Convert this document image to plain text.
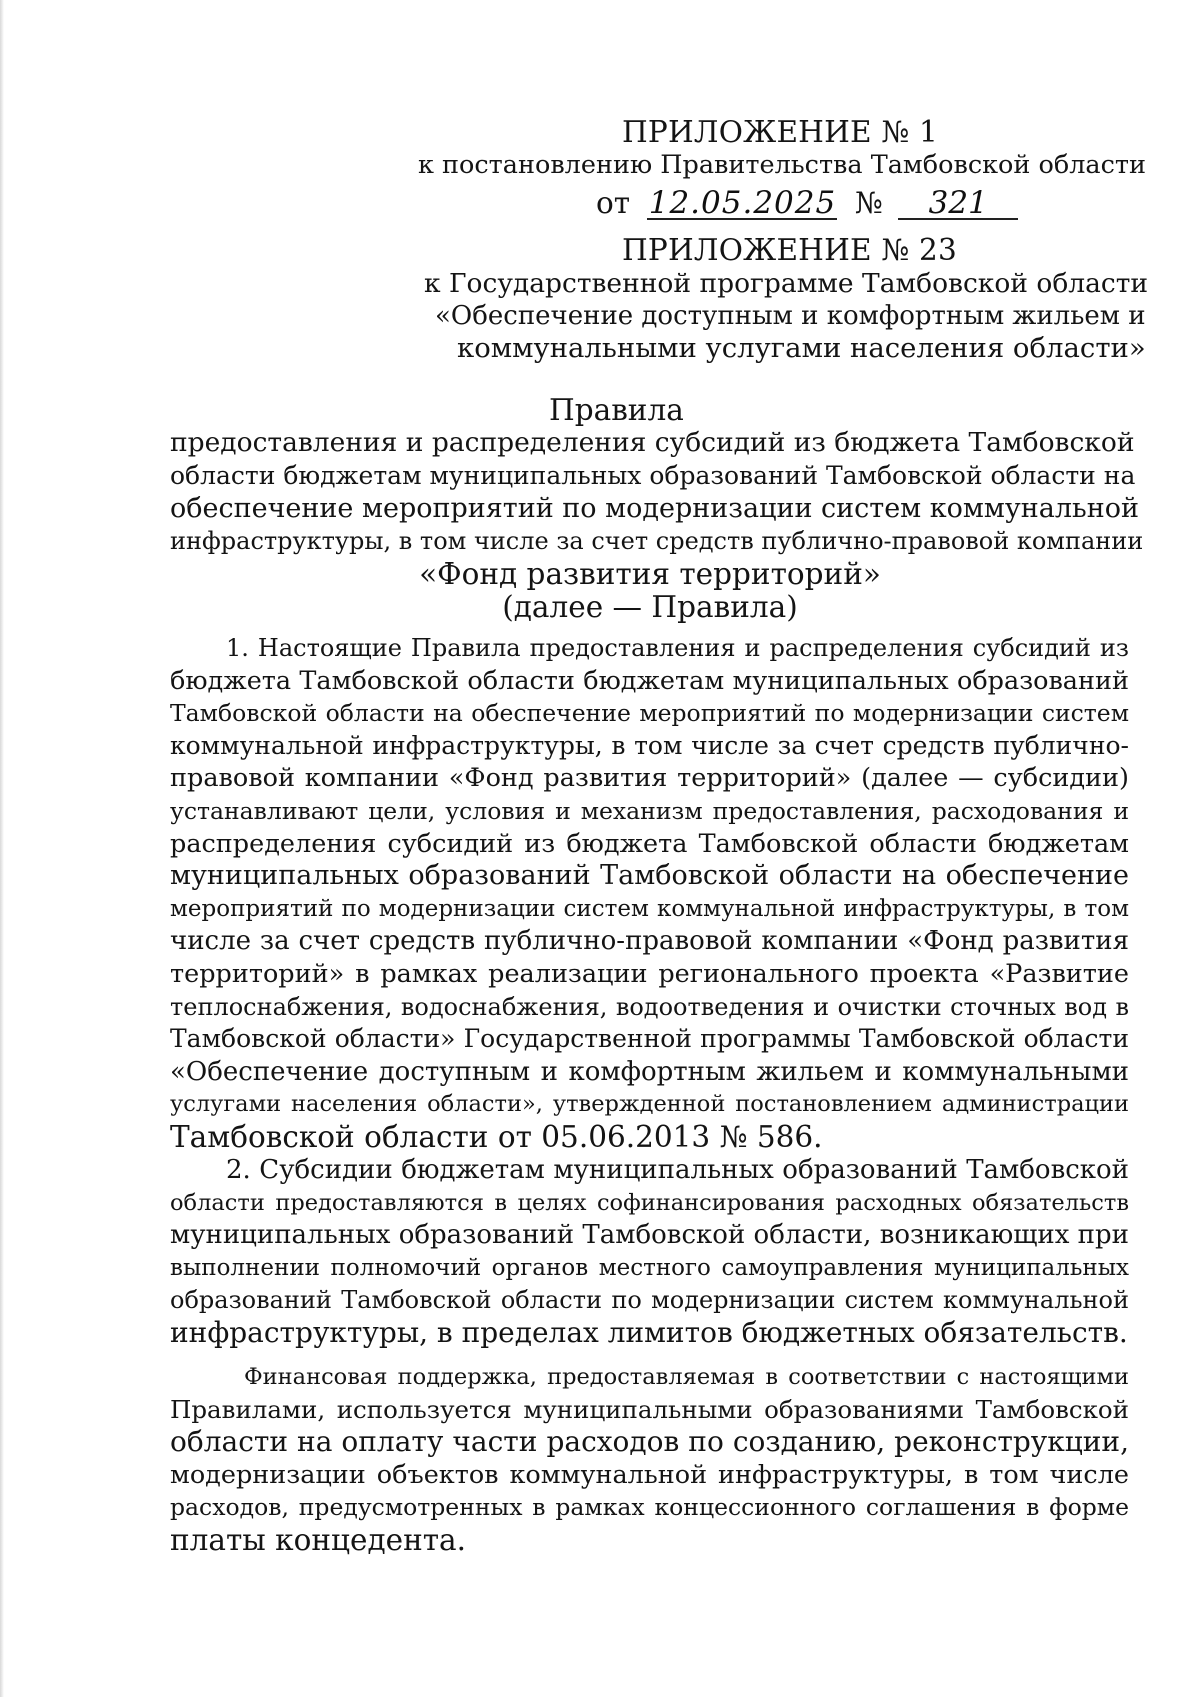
ПРИЛОЖЕНИЕ № 1
к постановлению Правительства Тамбовской области
от 12.05.2025 № 321
ПРИЛОЖЕНИЕ № 23
к Государственной программе Тамбовской области
«Обеспечение доступным и комфортным жильем и
коммунальными услугами населения области»
Правила
предоставления и распределения субсидий из бюджета Тамбовской
области бюджетам муниципальных образований Тамбовской области на
обеспечение мероприятий по модернизации систем коммунальной
инфраструктуры, в том числе за счет средств публично-правовой компании
«Фонд развития территорий»
(далее — Правила)
1. Настоящие Правила предоставления и распределения субсидий из
бюджета Тамбовской области бюджетам муниципальных образований
Тамбовской области на обеспечение мероприятий по модернизации систем
коммунальной инфраструктуры, в том числе за счет средств публично-
правовой компании «Фонд развития территорий» (далее — субсидии)
устанавливают цели, условия и механизм предоставления, расходования и
распределения субсидий из бюджета Тамбовской области бюджетам
муниципальных образований Тамбовской области на обеспечение
мероприятий по модернизации систем коммунальной инфраструктуры, в том
числе за счет средств публично-правовой компании «Фонд развития
территорий» в рамках реализации регионального проекта «Развитие
теплоснабжения, водоснабжения, водоотведения и очистки сточных вод в
Тамбовской области» Государственной программы Тамбовской области
«Обеспечение доступным и комфортным жильем и коммунальными
услугами населения области», утвержденной постановлением администрации
Тамбовской области от 05.06.2013 № 586.
2. Субсидии бюджетам муниципальных образований Тамбовской
области предоставляются в целях софинансирования расходных обязательств
муниципальных образований Тамбовской области, возникающих при
выполнении полномочий органов местного самоуправления муниципальных
образований Тамбовской области по модернизации систем коммунальной
инфраструктуры, в пределах лимитов бюджетных обязательств.
Финансовая поддержка, предоставляемая в соответствии с настоящими
Правилами, используется муниципальными образованиями Тамбовской
области на оплату части расходов по созданию, реконструкции,
модернизации объектов коммунальной инфраструктуры, в том числе
расходов, предусмотренных в рамках концессионного соглашения в форме
платы концедента.
